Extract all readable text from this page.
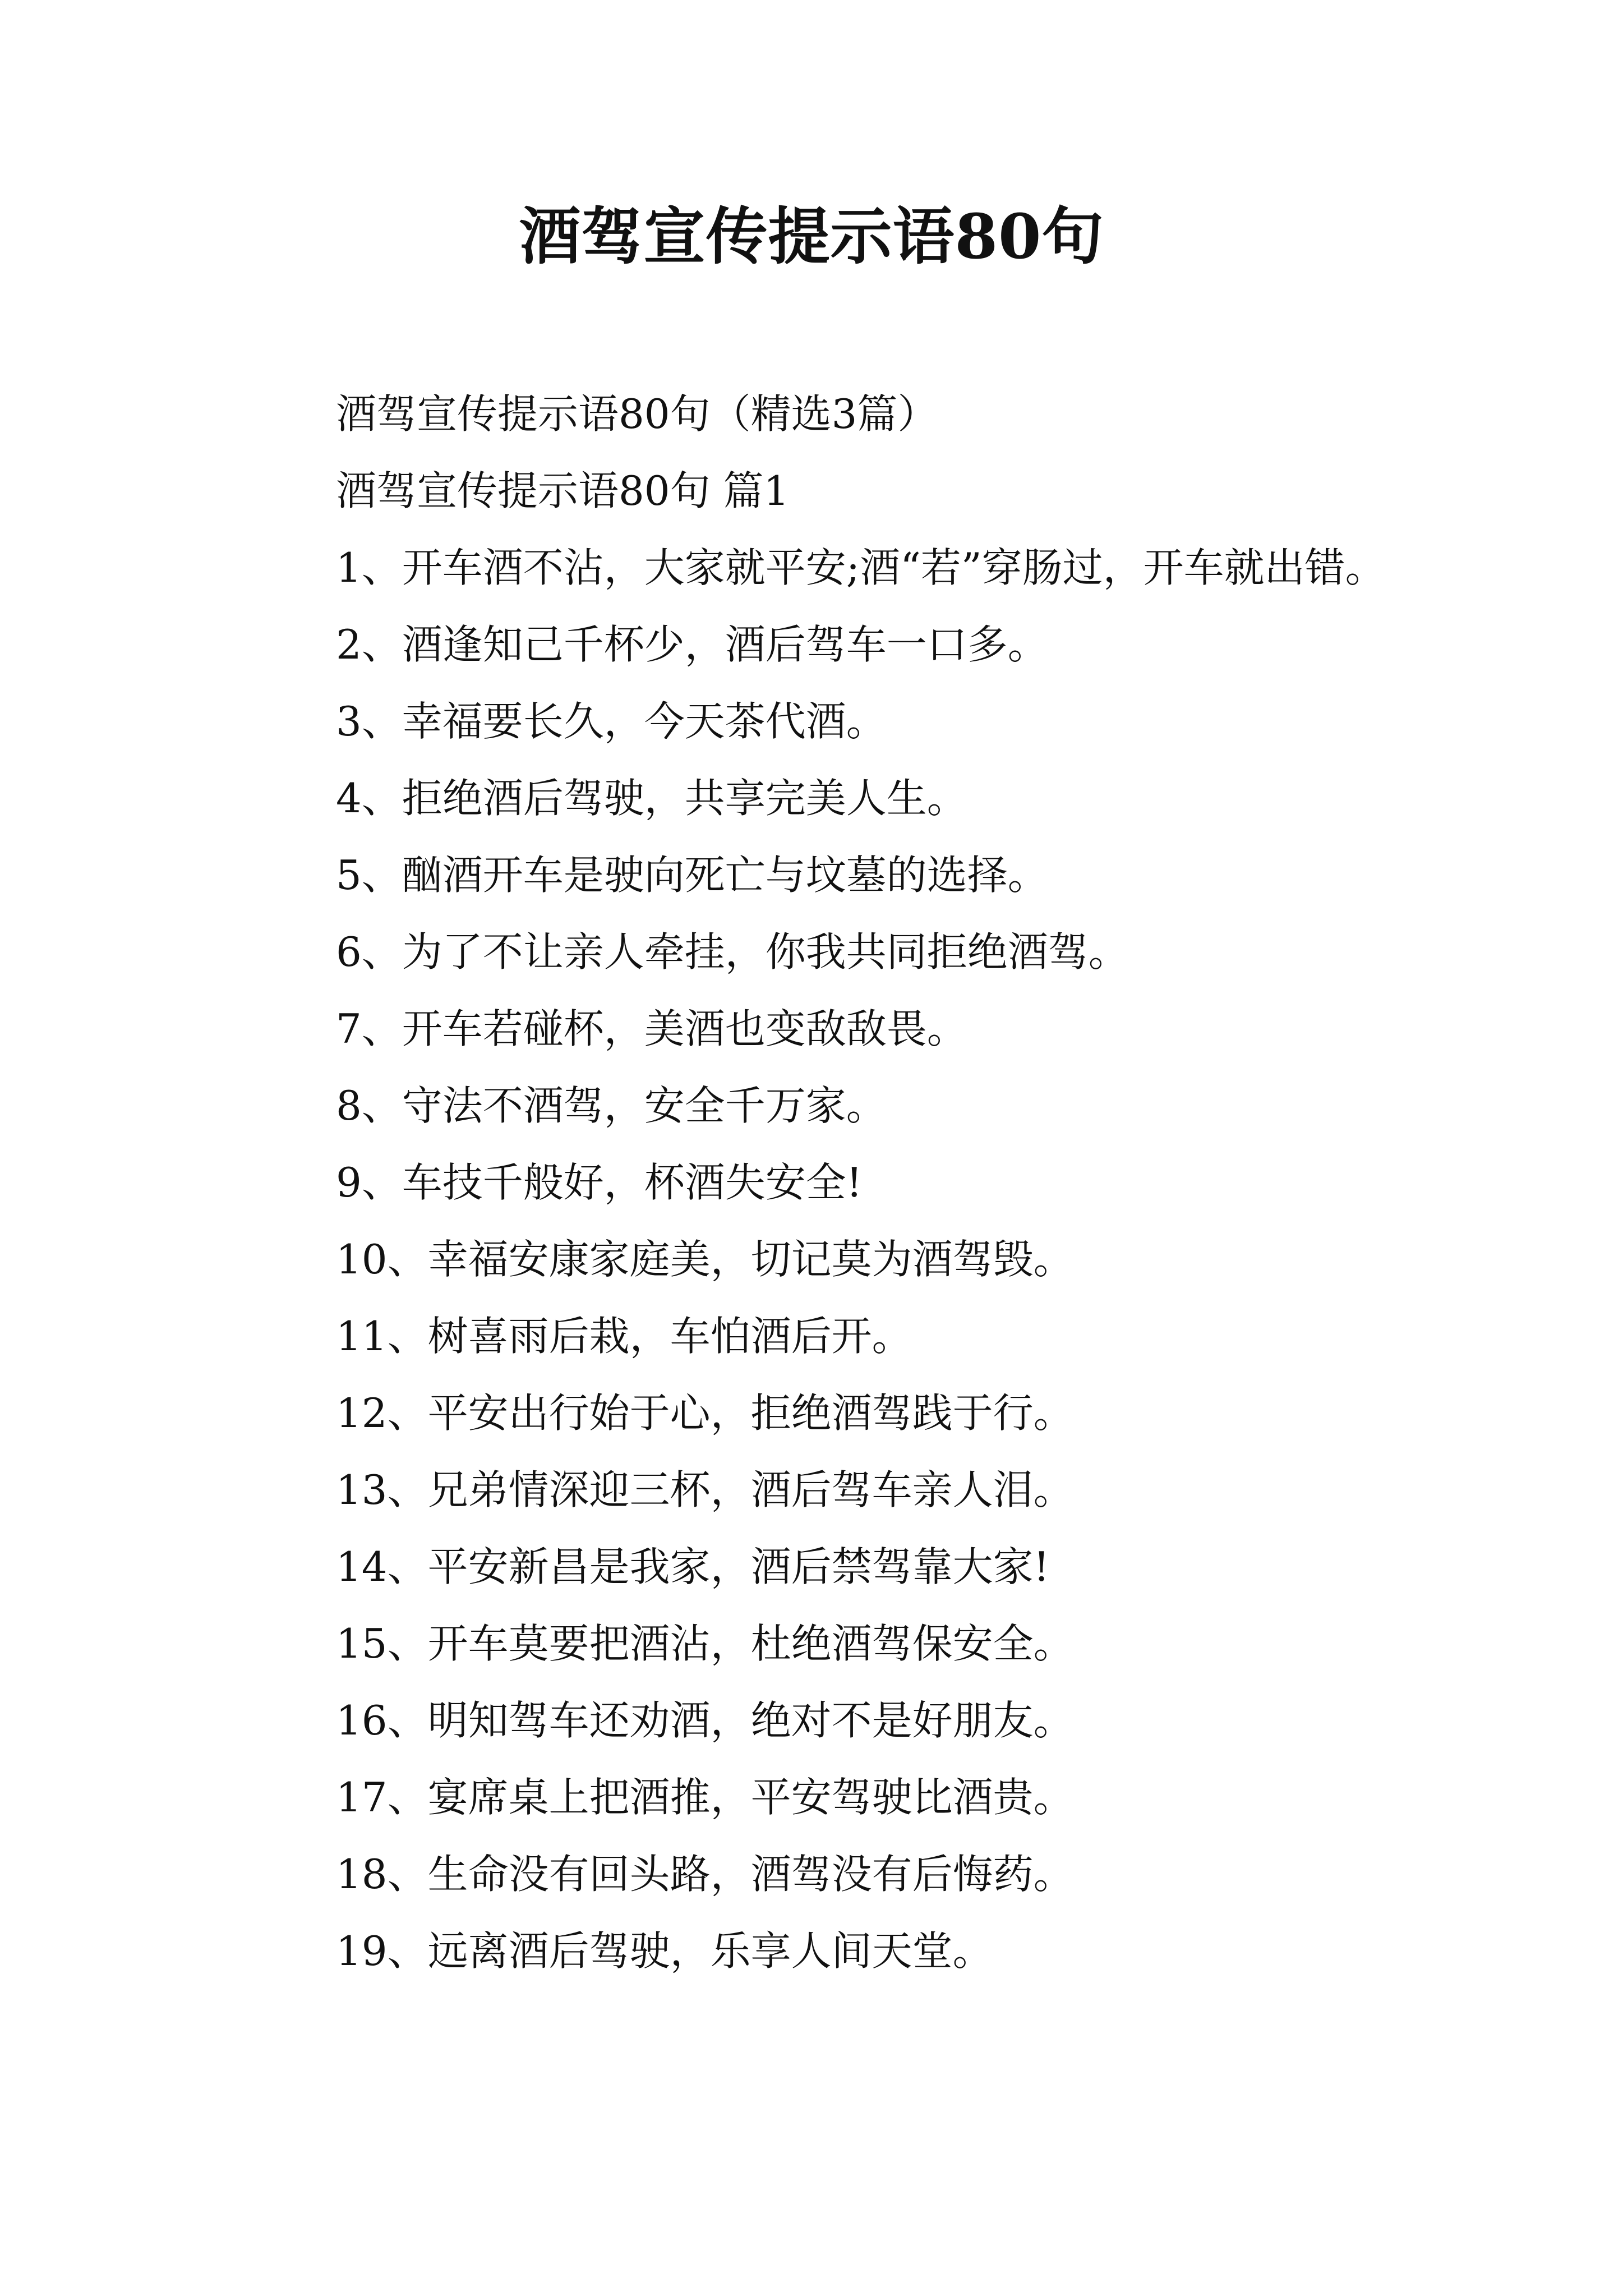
酒驾宣传提示语80句

酒驾宣传提示语80句（精选3篇）

酒驾宣传提示语80句 篇1

1、开车酒不沾，大家就平安;酒“若”穿肠过，开车就出错。

2、酒逢知己千杯少，酒后驾车一口多。

3、幸福要长久，今天茶代酒。

4、拒绝酒后驾驶，共享完美人生。

5、酗酒开车是驶向死亡与坟墓的选择。

6、为了不让亲人牵挂，你我共同拒绝酒驾。

7、开车若碰杯，美酒也变敌敌畏。

8、守法不酒驾，安全千万家。

9、车技千般好，杯酒失安全!

10、幸福安康家庭美，切记莫为酒驾毁。

11、树喜雨后栽，车怕酒后开。

12、平安出行始于心，拒绝酒驾践于行。

13、兄弟情深迎三杯，酒后驾车亲人泪。

14、平安新昌是我家，酒后禁驾靠大家!

15、开车莫要把酒沾，杜绝酒驾保安全。

16、明知驾车还劝酒，绝对不是好朋友。

17、宴席桌上把酒推，平安驾驶比酒贵。

18、生命没有回头路，酒驾没有后悔药。

19、远离酒后驾驶，乐享人间天堂。
